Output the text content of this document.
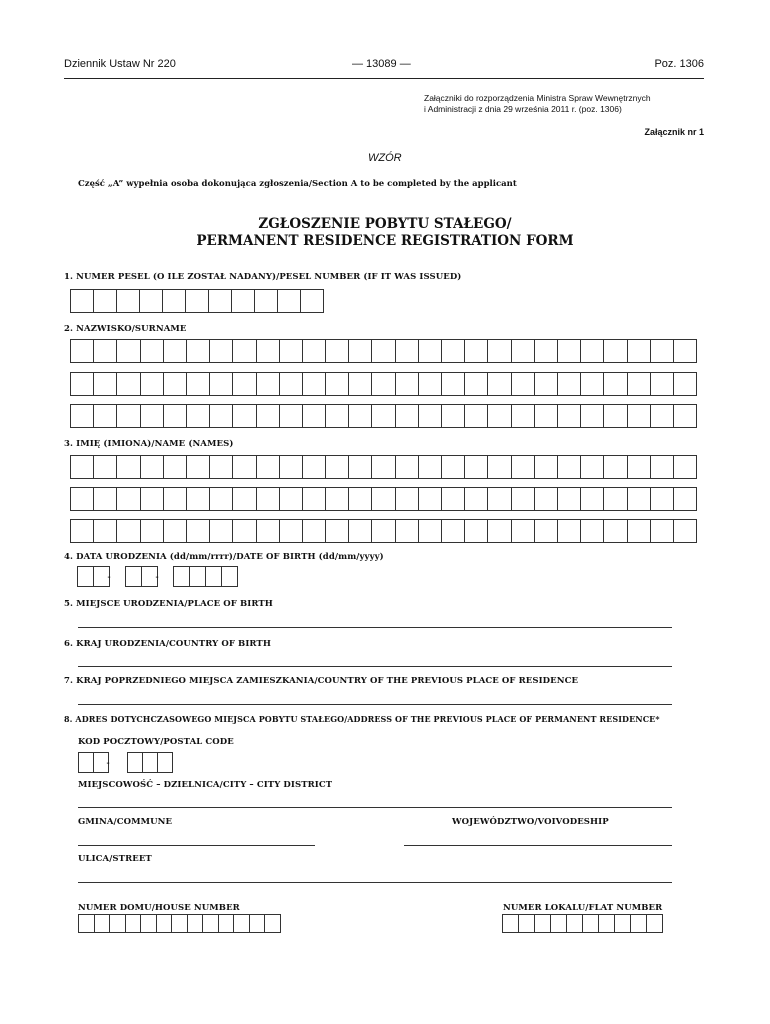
Dziennik Ustaw Nr 220	— 13089 —	Poz. 1306
Załączniki do rozporządzenia Ministra Spraw Wewnętrznych
i Administracji z dnia 29 września 2011 r. (poz. 1306)
Załącznik nr 1
WZÓR
Część „A” wypełnia osoba dokonująca zgłoszenia/Section A to be completed by the applicant
ZGŁOSZENIE POBYTU STAŁEGO/
PERMANENT RESIDENCE REGISTRATION FORM
1. NUMER PESEL (O ILE ZOSTAŁ NADANY)/PESEL NUMBER (IF IT WAS ISSUED)
2. NAZWISKO/SURNAME
3. IMIĘ (IMIONA)/NAME (NAMES)
4. DATA URODZENIA (dd/mm/rrrr)/DATE OF BIRTH (dd/mm/yyyy)
-	-
5. MIEJSCE URODZENIA/PLACE OF BIRTH
6. KRAJ URODZENIA/COUNTRY OF BIRTH
7. KRAJ POPRZEDNIEGO MIEJSCA ZAMIESZKANIA/COUNTRY OF THE PREVIOUS PLACE OF RESIDENCE
8. ADRES DOTYCHCZASOWEGO MIEJSCA POBYTU STAŁEGO/ADDRESS OF THE PREVIOUS PLACE OF PERMANENT RESIDENCE*
KOD POCZTOWY/POSTAL CODE
-
MIEJSCOWOŚĆ – DZIELNICA/CITY – CITY DISTRICT
GMINA/COMMUNE	WOJEWÓDZTWO/VOIVODESHIP
ULICA/STREET
NUMER DOMU/HOUSE NUMBER	NUMER LOKALU/FLAT NUMBER
